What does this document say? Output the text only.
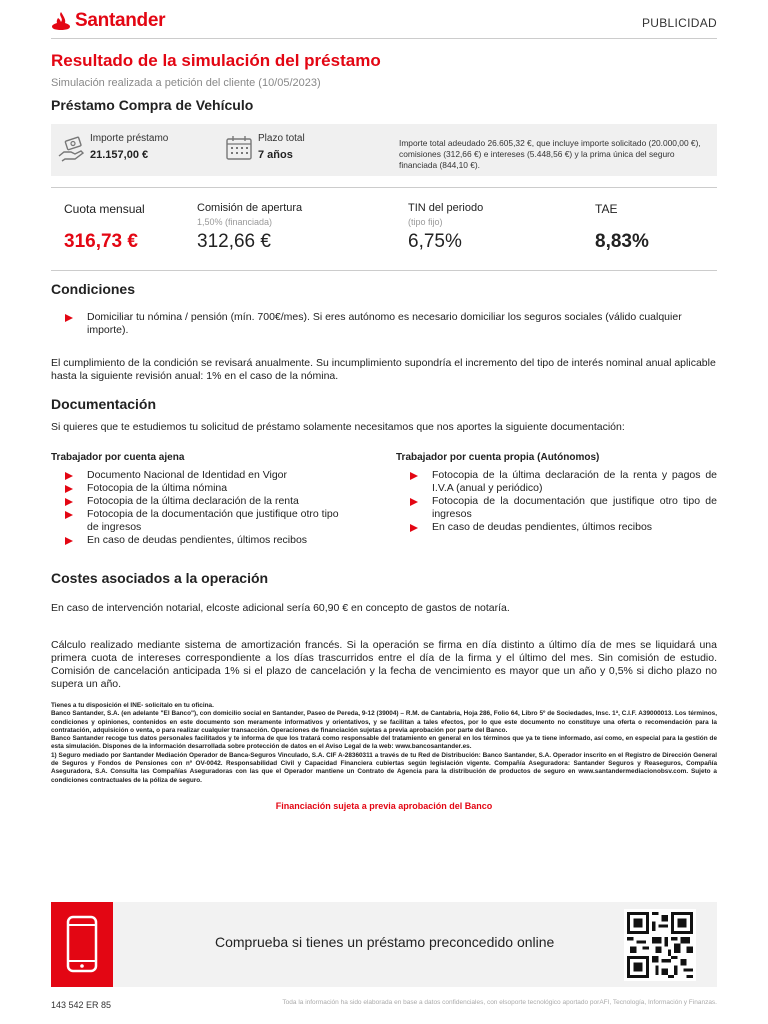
Santander	PUBLICIDAD
Resultado de la simulación del préstamo
Simulación realizada a petición del cliente (10/05/2023)
Préstamo Compra de Vehículo
Importe préstamo
21.157,00 €
Plazo total
7 años
Importe total adeudado 26.605,32 €, que incluye importe solicitado (20.000,00 €), comisiones (312,66 €) e intereses (5.448,56 €) y la prima única del seguro financiada (844,10 €).
Cuota mensual
316,73 €
Comisión de apertura
1,50% (financiada)
312,66 €
TIN del periodo
(tipo fijo)
6,75%
TAE
8,83%
Condiciones
Domiciliar tu nómina / pensión (mín. 700€/mes). Si eres autónomo es necesario domiciliar los seguros sociales (válido cualquier importe).
El cumplimiento de la condición se revisará anualmente. Su incumplimiento supondría el incremento del tipo de interés nominal anual aplicable hasta la siguiente revisión anual: 1% en el caso de la nómina.
Documentación
Si quieres que te estudiemos tu solicitud de préstamo solamente necesitamos que nos aportes la siguiente documentación:
Trabajador por cuenta ajena
Documento Nacional de Identidad en Vigor
Fotocopia de la última nómina
Fotocopia de la última declaración de la renta
Fotocopia de la documentación que justifique otro tipo de ingresos
En caso de deudas pendientes, últimos recibos
Trabajador por cuenta propia (Autónomos)
Fotocopia de la última declaración de la renta y pagos de I.V.A (anual y periódico)
Fotocopia de la documentación que justifique otro tipo de ingresos
En caso de deudas pendientes, últimos recibos
Costes asociados a la operación
En caso de intervención notarial, elcoste adicional sería 60,90 € en concepto de gastos de notaría.
Cálculo realizado mediante sistema de amortización francés. Si la operación se firma en día distinto a último día de mes se liquidará una primera cuota de intereses correspondiente a los días trascurridos entre el día de la firma y el último del mes. Sin comisión de estudio. Comisión de cancelación anticipada 1% si el plazo de cancelación y la fecha de vencimiento es mayor que un año y 0,5% si dicho plazo no supera un año.
Tienes a tu disposición el INE- solicítalo en tu oficina.
Banco Santander, S.A. (en adelante "El Banco"), con domicilio social en Santander, Paseo de Pereda, 9-12 (39004) – R.M. de Cantabria, Hoja 286, Folio 64, Libro 5º de Sociedades, Insc. 1ª, C.I.F. A39000013. Los términos, condiciones y opiniones, contenidos en este documento son meramente informativos y orientativos, y se facilitan a tales efectos, por lo que este documento no constituye una oferta o recomendación para la contratación, adquisición o venta, o para realizar cualquier transacción. Operaciones de financiación sujetas a previa aprobación por parte del Banco.
Banco Santander recoge tus datos personales facilitados y te informa de que los tratará como responsable del tratamiento en general en los términos que ya te tiene informado, así como, en especial para la gestión de esta simulación. Dispones de la información desarrollada sobre protección de datos en el Aviso Legal de la web: www.bancosantander.es.
1) Seguro mediado por Santander Mediación Operador de Banca-Seguros Vinculado, S.A. CIF A-28360311 a través de tu Red de Distribución: Banco Santander, S.A. Operador inscrito en el Registro de Dirección General de Seguros y Fondos de Pensiones con nº OV-0042. Responsabilidad Civil y Capacidad Financiera cubiertas según legislación vigente. Compañía Aseguradora: Santander Seguros y Reaseguros, Compañía Aseguradora, S.A. Consulta las Compañías Aseguradoras con las que el Operador mantiene un Contrato de Agencia para la distribución de productos de seguro en www.santandermediacionobsv.com. Sujeto a condiciones contractuales de la póliza de seguro.
Financiación sujeta a previa aprobación del Banco
Comprueba si tienes un préstamo preconcedido online
143 542 ER 85	Toda la información ha sido elaborada en base a datos confidenciales, con elsoporte tecnológico aportado porAFI, Tecnología, Información y Finanzas.
